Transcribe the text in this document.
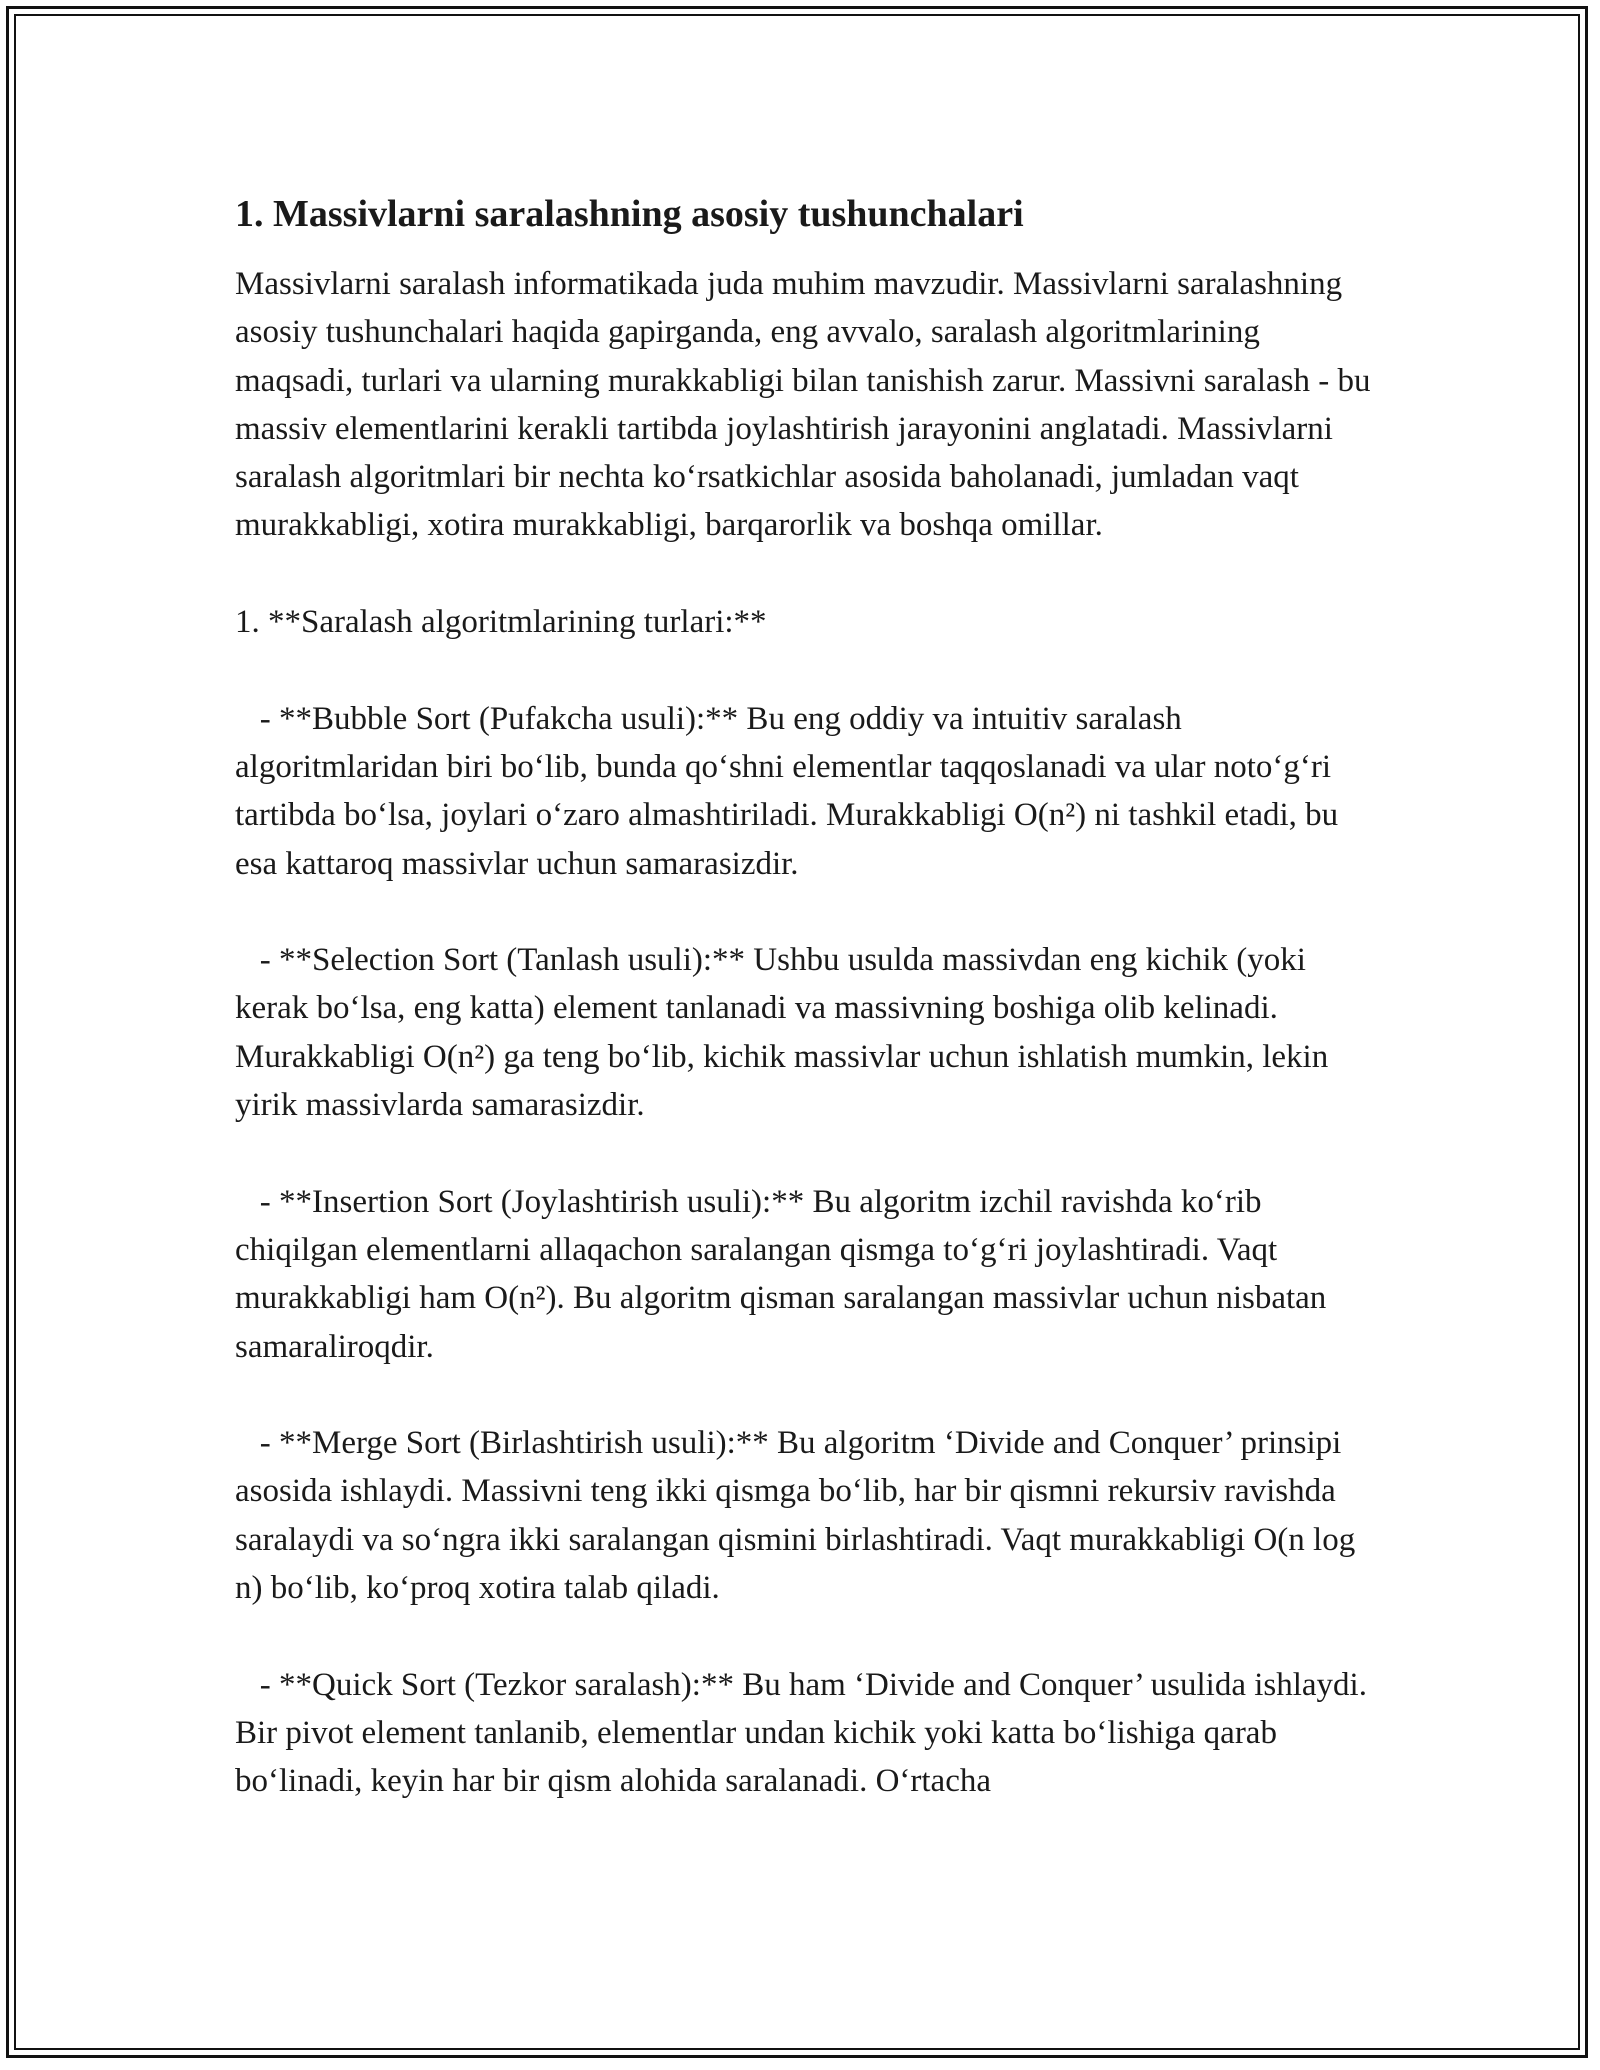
1. Massivlarni saralashning asosiy tushunchalari

Massivlarni saralash informatikada juda muhim mavzudir. Massivlarni saralashning asosiy tushunchalari haqida gapirganda, eng avvalo, saralash algoritmlarining maqsadi, turlari va ularning murakkabligi bilan tanishish zarur. Massivni saralash - bu massiv elementlarini kerakli tartibda joylashtirish jarayonini anglatadi. Massivlarni saralash algoritmlari bir nechta ko‘rsatkichlar asosida baholanadi, jumladan vaqt murakkabligi, xotira murakkabligi, barqarorlik va boshqa omillar.

1. **Saralash algoritmlarining turlari:**

- **Bubble Sort (Pufakcha usuli):** Bu eng oddiy va intuitiv saralash algoritmlaridan biri bo‘lib, bunda qo‘shni elementlar taqqoslanadi va ular noto‘g‘ri tartibda bo‘lsa, joylari o‘zaro almashtiriladi. Murakkabligi O(n²) ni tashkil etadi, bu esa kattaroq massivlar uchun samarasizdir.

- **Selection Sort (Tanlash usuli):** Ushbu usulda massivdan eng kichik (yoki kerak bo‘lsa, eng katta) element tanlanadi va massivning boshiga olib kelinadi. Murakkabligi O(n²) ga teng bo‘lib, kichik massivlar uchun ishlatish mumkin, lekin yirik massivlarda samarasizdir.

- **Insertion Sort (Joylashtirish usuli):** Bu algoritm izchil ravishda ko‘rib chiqilgan elementlarni allaqachon saralangan qismga to‘g‘ri joylashtiradi. Vaqt murakkabligi ham O(n²). Bu algoritm qisman saralangan massivlar uchun nisbatan samaraliroqdir.

- **Merge Sort (Birlashtirish usuli):** Bu algoritm ‘Divide and Conquer’ prinsipi asosida ishlaydi. Massivni teng ikki qismga bo‘lib, har bir qismni rekursiv ravishda saralaydi va so‘ngra ikki saralangan qismini birlashtiradi. Vaqt murakkabligi O(n log n) bo‘lib, ko‘proq xotira talab qiladi.

- **Quick Sort (Tezkor saralash):** Bu ham ‘Divide and Conquer’ usulida ishlaydi. Bir pivot element tanlanib, elementlar undan kichik yoki katta bo‘lishiga qarab bo‘linadi, keyin har bir qism alohida saralanadi. O‘rtacha
